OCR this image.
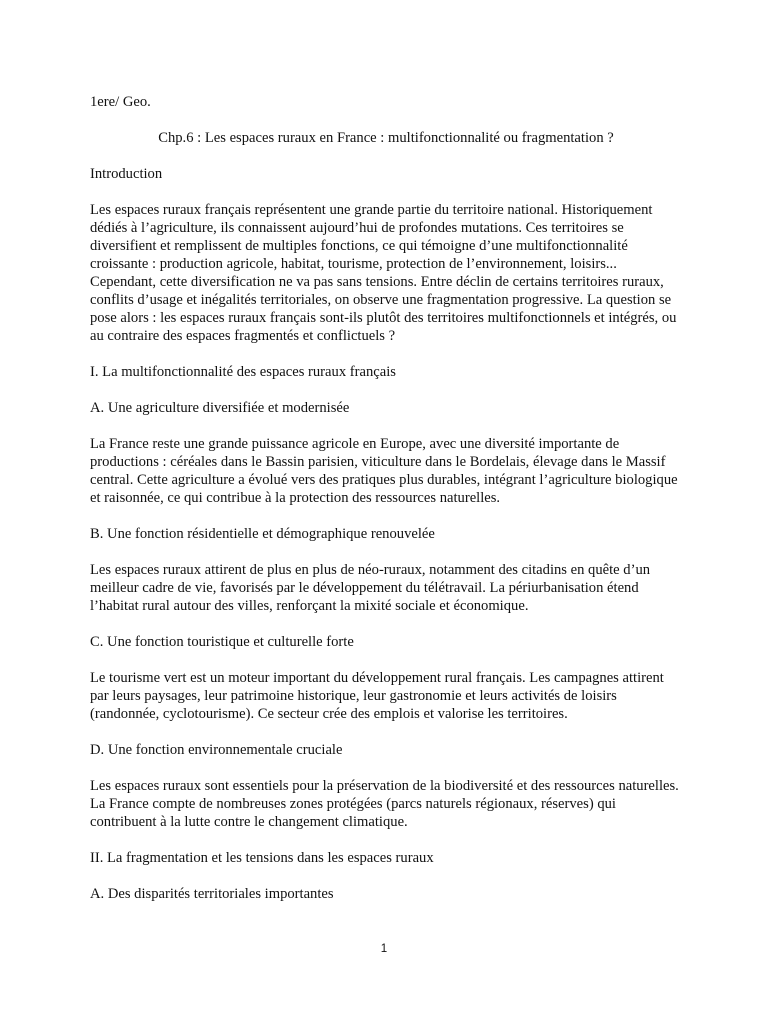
1ere/ Geo.

Chp.6 : Les espaces ruraux en France : multifonctionnalité ou fragmentation ?

Introduction

Les espaces ruraux français représentent une grande partie du territoire national. Historiquement dédiés à l’agriculture, ils connaissent aujourd’hui de profondes mutations. Ces territoires se diversifient et remplissent de multiples fonctions, ce qui témoigne d’une multifonctionnalité croissante : production agricole, habitat, tourisme, protection de l’environnement, loisirs... Cependant, cette diversification ne va pas sans tensions. Entre déclin de certains territoires ruraux, conflits d’usage et inégalités territoriales, on observe une fragmentation progressive. La question se pose alors : les espaces ruraux français sont-ils plutôt des territoires multifonctionnels et intégrés, ou au contraire des espaces fragmentés et conflictuels ?

I. La multifonctionnalité des espaces ruraux français

A. Une agriculture diversifiée et modernisée

La France reste une grande puissance agricole en Europe, avec une diversité importante de productions : céréales dans le Bassin parisien, viticulture dans le Bordelais, élevage dans le Massif central. Cette agriculture a évolué vers des pratiques plus durables, intégrant l’agriculture biologique et raisonnée, ce qui contribue à la protection des ressources naturelles.

B. Une fonction résidentielle et démographique renouvelée

Les espaces ruraux attirent de plus en plus de néo-ruraux, notamment des citadins en quête d’un meilleur cadre de vie, favorisés par le développement du télétravail. La périurbanisation étend l’habitat rural autour des villes, renforçant la mixité sociale et économique.

C. Une fonction touristique et culturelle forte

Le tourisme vert est un moteur important du développement rural français. Les campagnes attirent par leurs paysages, leur patrimoine historique, leur gastronomie et leurs activités de loisirs (randonnée, cyclotourisme). Ce secteur crée des emplois et valorise les territoires.

D. Une fonction environnementale cruciale

Les espaces ruraux sont essentiels pour la préservation de la biodiversité et des ressources naturelles. La France compte de nombreuses zones protégées (parcs naturels régionaux, réserves) qui contribuent à la lutte contre le changement climatique.

II. La fragmentation et les tensions dans les espaces ruraux

A. Des disparités territoriales importantes

1
